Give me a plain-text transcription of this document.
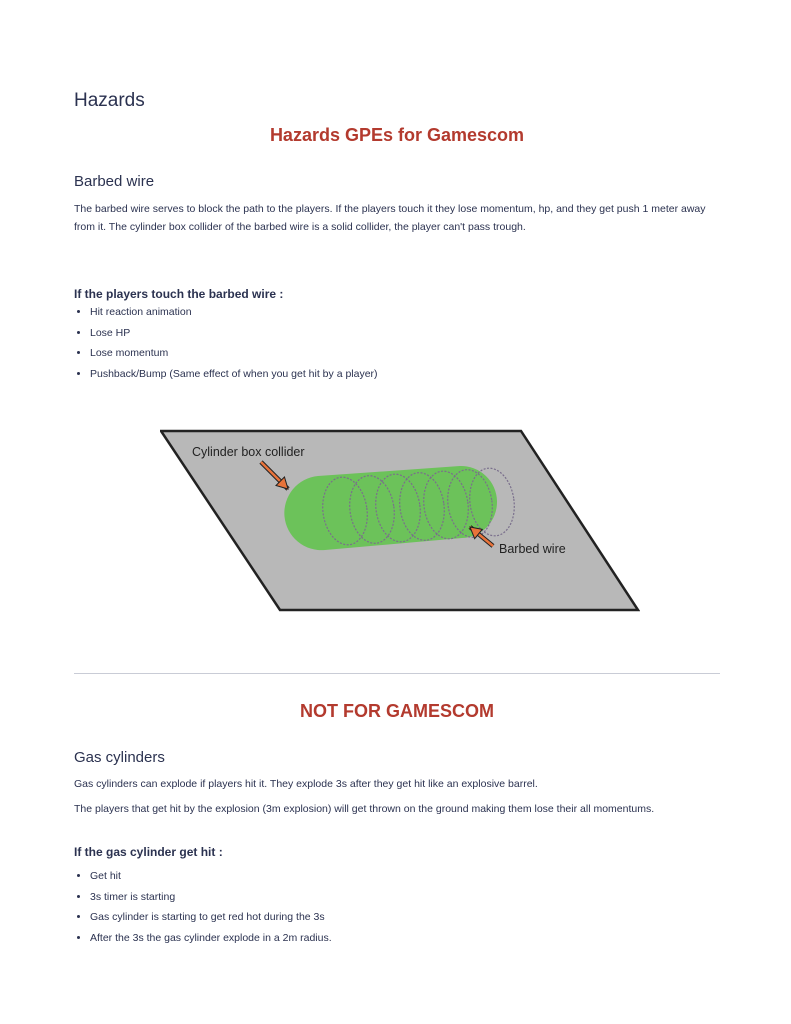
Hazards
Hazards GPEs for Gamescom
Barbed wire

The barbed wire serves to block the path to the players. If the players touch it they lose momentum, hp, and they get push 1 meter away from it. The cylinder box collider of the barbed wire is a solid collider, the player can't pass trough.

If the players touch the barbed wire :
• Hit reaction animation
• Lose HP
• Lose momentum
• Pushback/Bump (Same effect of when you get hit by a player)
NOT FOR GAMESCOM
Gas cylinders

Gas cylinders can explode if players hit it. They explode 3s after they get hit like an explosive barrel.

The players that get hit by the explosion (3m explosion) will get thrown on the ground making them lose their all momentums.

If the gas cylinder get hit :
• Get hit
• 3s timer is starting
• Gas cylinder is starting to get red hot during the 3s
• After the 3s the gas cylinder explode in a 2m radius.
Cylinder box collider
Barbed wire
